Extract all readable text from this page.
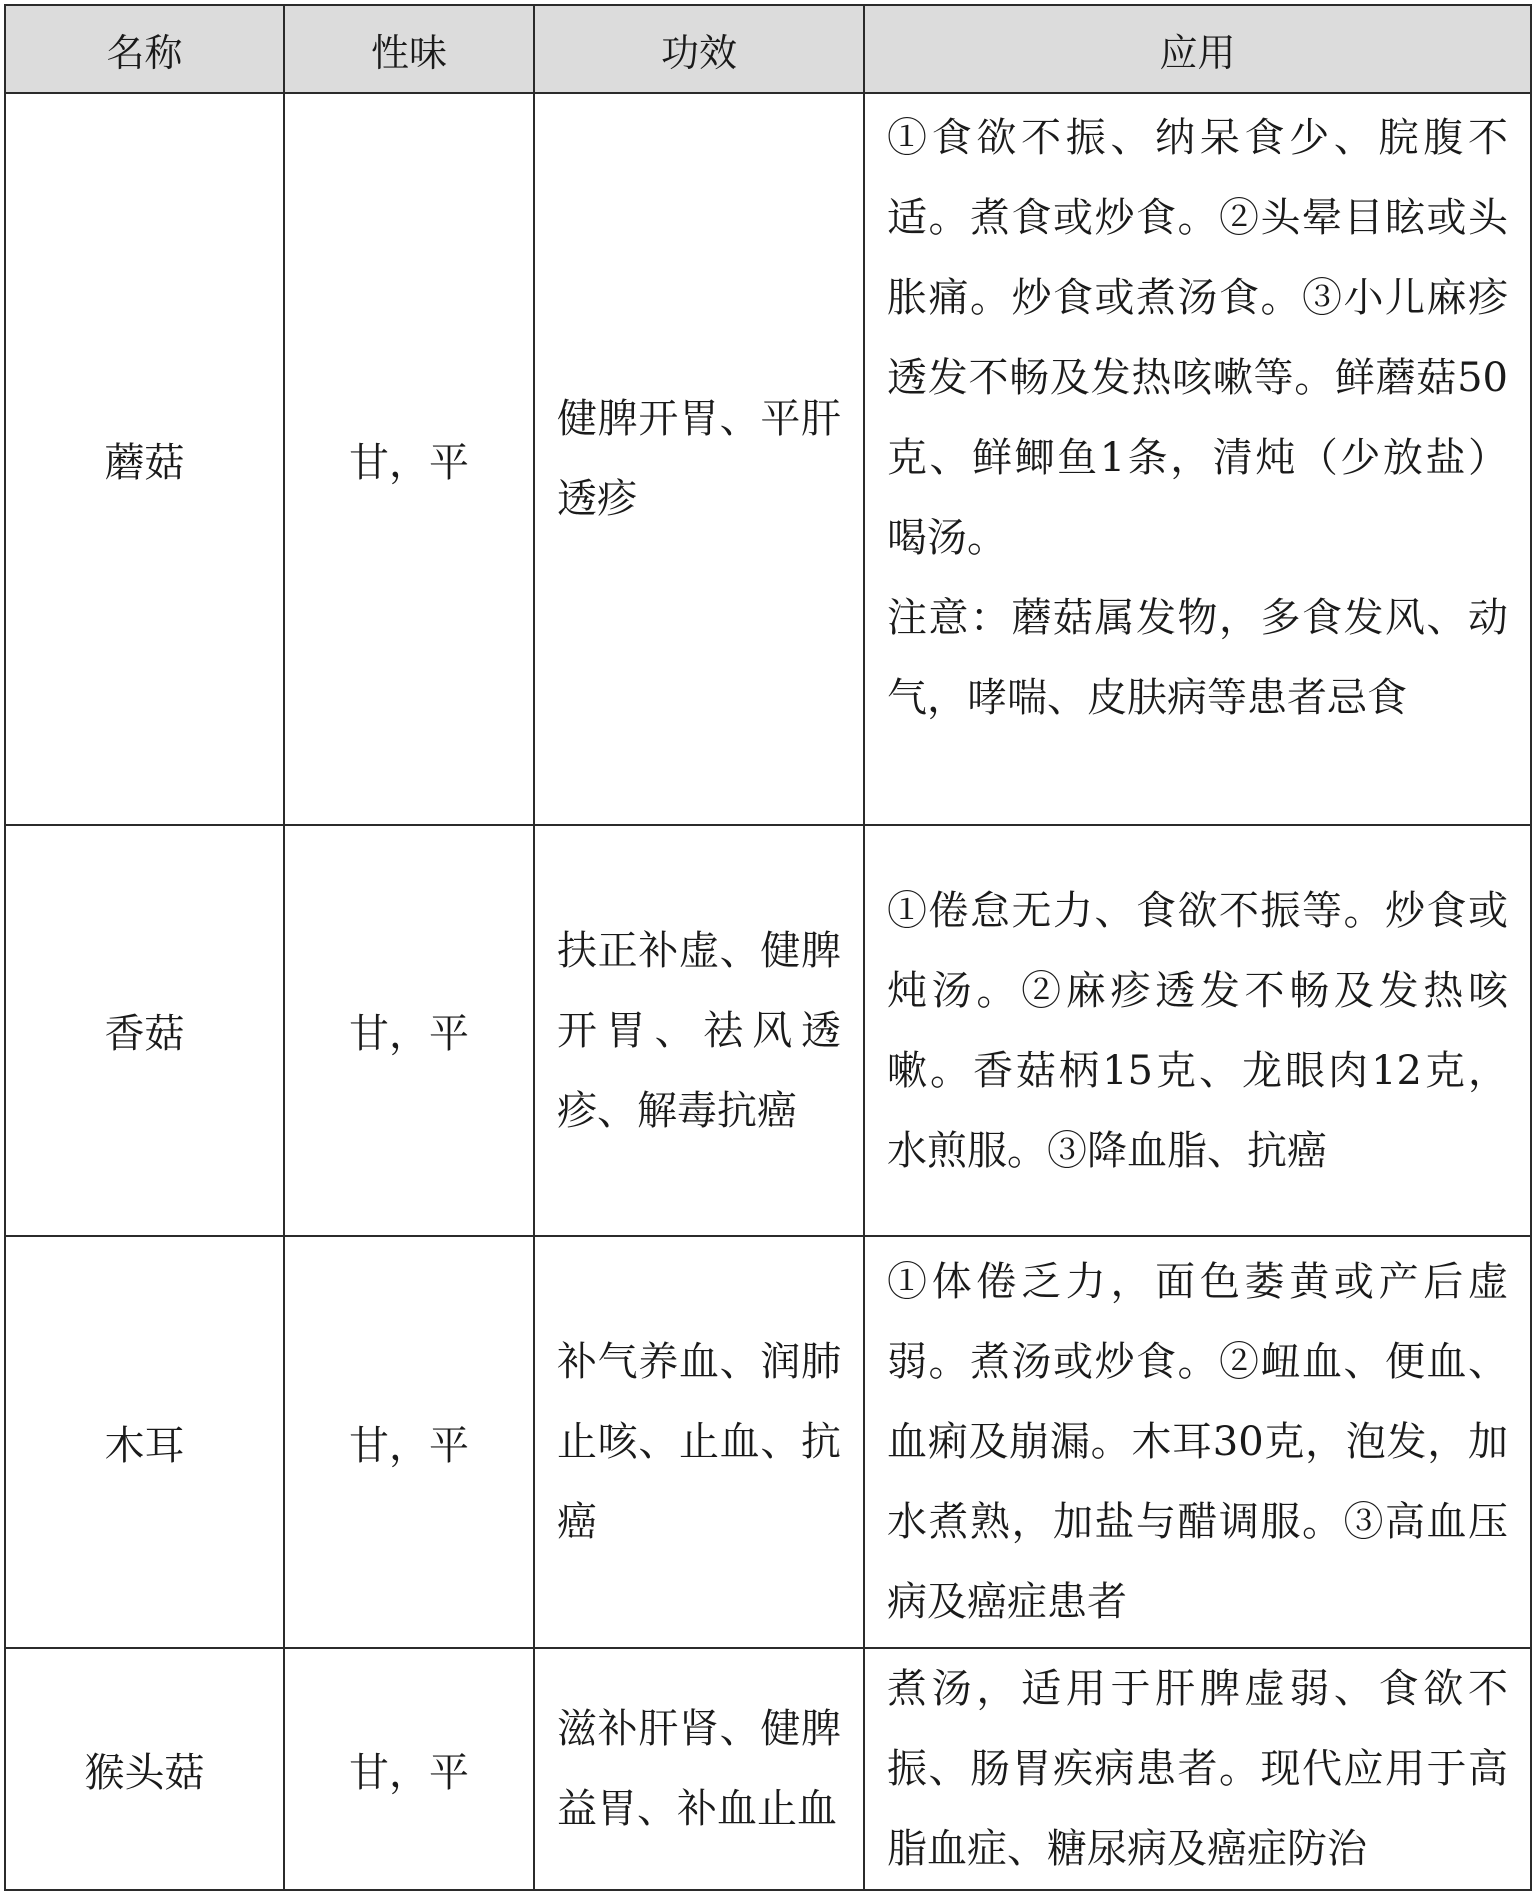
名称	性味	功效	应用
蘑菇	甘，平	健脾开胃、平肝透疹	①食欲不振、纳呆食少、脘腹不适。煮食或炒食。②头晕目眩或头胀痛。炒食或煮汤食。③小儿麻疹透发不畅及发热咳嗽等。鲜蘑菇50克、鲜鲫鱼1条，清炖（少放盐）喝汤。
注意：蘑菇属发物，多食发风、动气，哮喘、皮肤病等患者忌食

香菇	甘，平	扶正补虚、健脾开胃、祛风透疹、解毒抗癌	①倦怠无力、食欲不振等。炒食或炖汤。②麻疹透发不畅及发热咳嗽。香菇柄15克、龙眼肉12克，水煎服。③降血脂、抗癌
木耳	甘，平	补气养血、润肺止咳、止血、抗癌	①体倦乏力，面色萎黄或产后虚弱。煮汤或炒食。②衄血、便血、血痢及崩漏。木耳30克，泡发，加水煮熟，加盐与醋调服。③高血压病及癌症患者
猴头菇	甘，平	滋补肝肾、健脾益胃、补血止血	煮汤，适用于肝脾虚弱、食欲不振、肠胃疾病患者。现代应用于高脂血症、糖尿病及癌症防治
